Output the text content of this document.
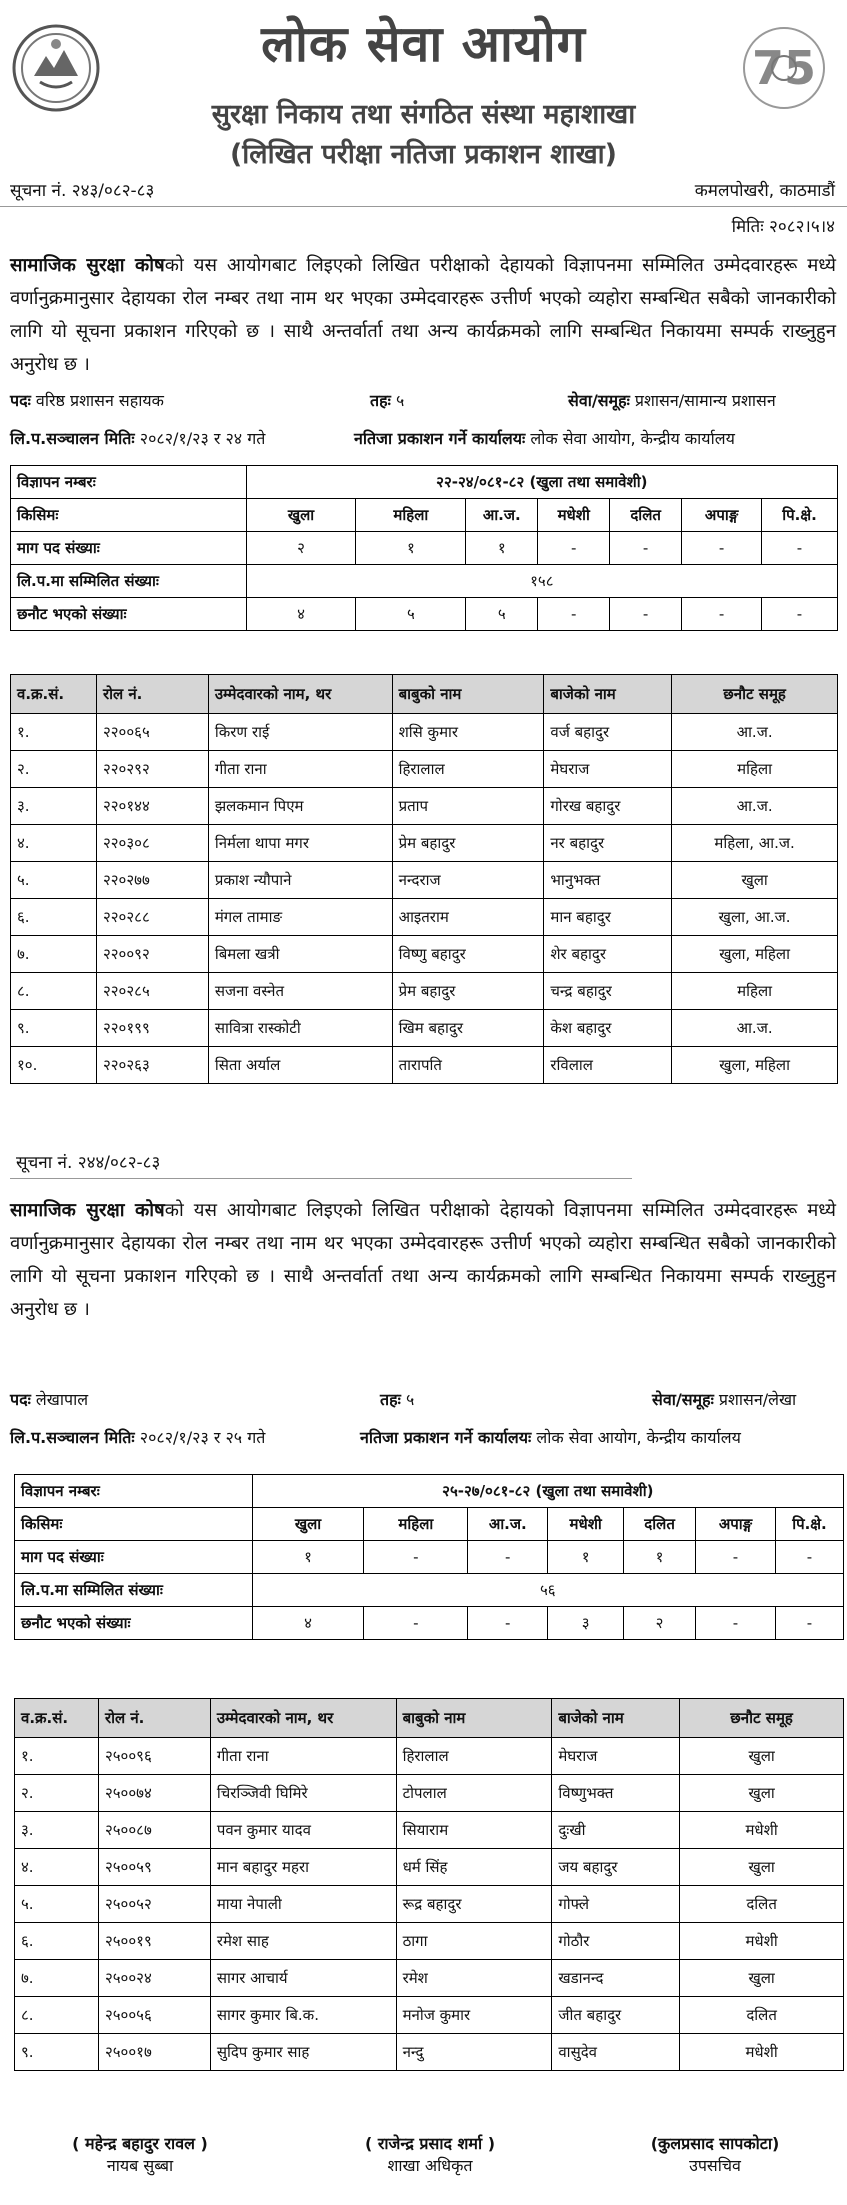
75
लोक सेवा आयोग
सुरक्षा निकाय तथा संगठित संस्था महाशाखा
(लिखित परीक्षा नतिजा प्रकाशन शाखा)
सूचना नं. २४३/०८२-८३	कमलपोखरी, काठमाडौं
मितिः २०८२।५।४
सामाजिक सुरक्षा कोषको यस आयोगबाट लिइएको लिखित परीक्षाको देहायको विज्ञापनमा सम्मिलित उम्मेदवारहरू मध्ये वर्णानुक्रमानुसार देहायका रोल नम्बर तथा नाम थर भएका उम्मेदवारहरू उत्तीर्ण भएको व्यहोरा सम्बन्धित सबैको जानकारीको लागि यो सूचना प्रकाशन गरिएको छ । साथै अन्तर्वार्ता तथा अन्य कार्यक्रमको लागि सम्बन्धित निकायमा सम्पर्क राख्नुहुन अनुरोध छ ।
पदः वरिष्ठ प्रशासन सहायक	तहः ५	सेवा/समूहः प्रशासन/सामान्य प्रशासन
लि.प.सञ्चालन मितिः २०८२/१/२३ र २४ गते	नतिजा प्रकाशन गर्ने कार्यालयः लोक सेवा आयोग, केन्द्रीय कार्यालय
विज्ञापन नम्बरः	२२-२४/०८१-८२ (खुला तथा समावेशी)						
किसिमः	खुला	महिला	आ.ज.	मधेशी	दलित	अपाङ्ग	पि.क्षे.
माग पद संख्याः	२	१	१	-	-	-	-
लि.प.मा सम्मिलित संख्याः	१५८						
छनौट भएको संख्याः	४	५	५	-	-	-	-
व.क्र.सं.	रोल नं.	उम्मेदवारको नाम, थर	बाबुको नाम	बाजेको नाम	छनौट समूह
१.	२२००६५	किरण राई	शसि कुमार	वर्ज बहादुर	आ.ज.
२.	२२०२९२	गीता राना	हिरालाल	मेघराज	महिला
३.	२२०१४४	झलकमान पिएम	प्रताप	गोरख बहादुर	आ.ज.
४.	२२०३०८	निर्मला थापा मगर	प्रेम बहादुर	नर बहादुर	महिला, आ.ज.
५.	२२०२७७	प्रकाश न्यौपाने	नन्दराज	भानुभक्त	खुला
६.	२२०२८८	मंगल तामाङ	आइतराम	मान बहादुर	खुला, आ.ज.
७.	२२००९२	बिमला खत्री	विष्णु बहादुर	शेर बहादुर	खुला, महिला
८.	२२०२८५	सजना वस्नेत	प्रेम बहादुर	चन्द्र बहादुर	महिला
९.	२२०१९९	सावित्रा रास्कोटी	खिम बहादुर	केश बहादुर	आ.ज.
१०.	२२०२६३	सिता अर्याल	तारापति	रविलाल	खुला, महिला
सूचना नं. २४४/०८२-८३
सामाजिक सुरक्षा कोषको यस आयोगबाट लिइएको लिखित परीक्षाको देहायको विज्ञापनमा सम्मिलित उम्मेदवारहरू मध्ये वर्णानुक्रमानुसार देहायका रोल नम्बर तथा नाम थर भएका उम्मेदवारहरू उत्तीर्ण भएको व्यहोरा सम्बन्धित सबैको जानकारीको लागि यो सूचना प्रकाशन गरिएको छ । साथै अन्तर्वार्ता तथा अन्य कार्यक्रमको लागि सम्बन्धित निकायमा सम्पर्क राख्नुहुन अनुरोध छ ।
पदः लेखापाल	तहः ५	सेवा/समूहः प्रशासन/लेखा
लि.प.सञ्चालन मितिः २०८२/१/२३ र २५ गते	नतिजा प्रकाशन गर्ने कार्यालयः लोक सेवा आयोग, केन्द्रीय कार्यालय
विज्ञापन नम्बरः	२५-२७/०८१-८२ (खुला तथा समावेशी)						
किसिमः	खुला	महिला	आ.ज.	मधेशी	दलित	अपाङ्ग	पि.क्षे.
माग पद संख्याः	१	-	-	१	१	-	-
लि.प.मा सम्मिलित संख्याः	५६						
छनौट भएको संख्याः	४	-	-	३	२	-	-
व.क्र.सं.	रोल नं.	उम्मेदवारको नाम, थर	बाबुको नाम	बाजेको नाम	छनौट समूह
१.	२५००९६	गीता राना	हिरालाल	मेघराज	खुला
२.	२५००७४	चिरञ्जिवी घिमिरे	टोपलाल	विष्णुभक्त	खुला
३.	२५००८७	पवन कुमार यादव	सियाराम	दुःखी	मधेशी
४.	२५००५९	मान बहादुर महरा	धर्म सिंह	जय बहादुर	खुला
५.	२५००५२	माया नेपाली	रूद्र बहादुर	गोफ्ले	दलित
६.	२५००१९	रमेश साह	ठागा	गोठौर	मधेशी
७.	२५००२४	सागर आचार्य	रमेश	खडानन्द	खुला
८.	२५००५६	सागर कुमार बि.क.	मनोज कुमार	जीत बहादुर	दलित
९.	२५००१७	सुदिप कुमार साह	नन्दु	वासुदेव	मधेशी
( महेन्द्र बहादुर रावल )
नायब सुब्बा
( राजेन्द्र प्रसाद शर्मा )
शाखा अधिकृत
(कुलप्रसाद सापकोटा)
उपसचिव
